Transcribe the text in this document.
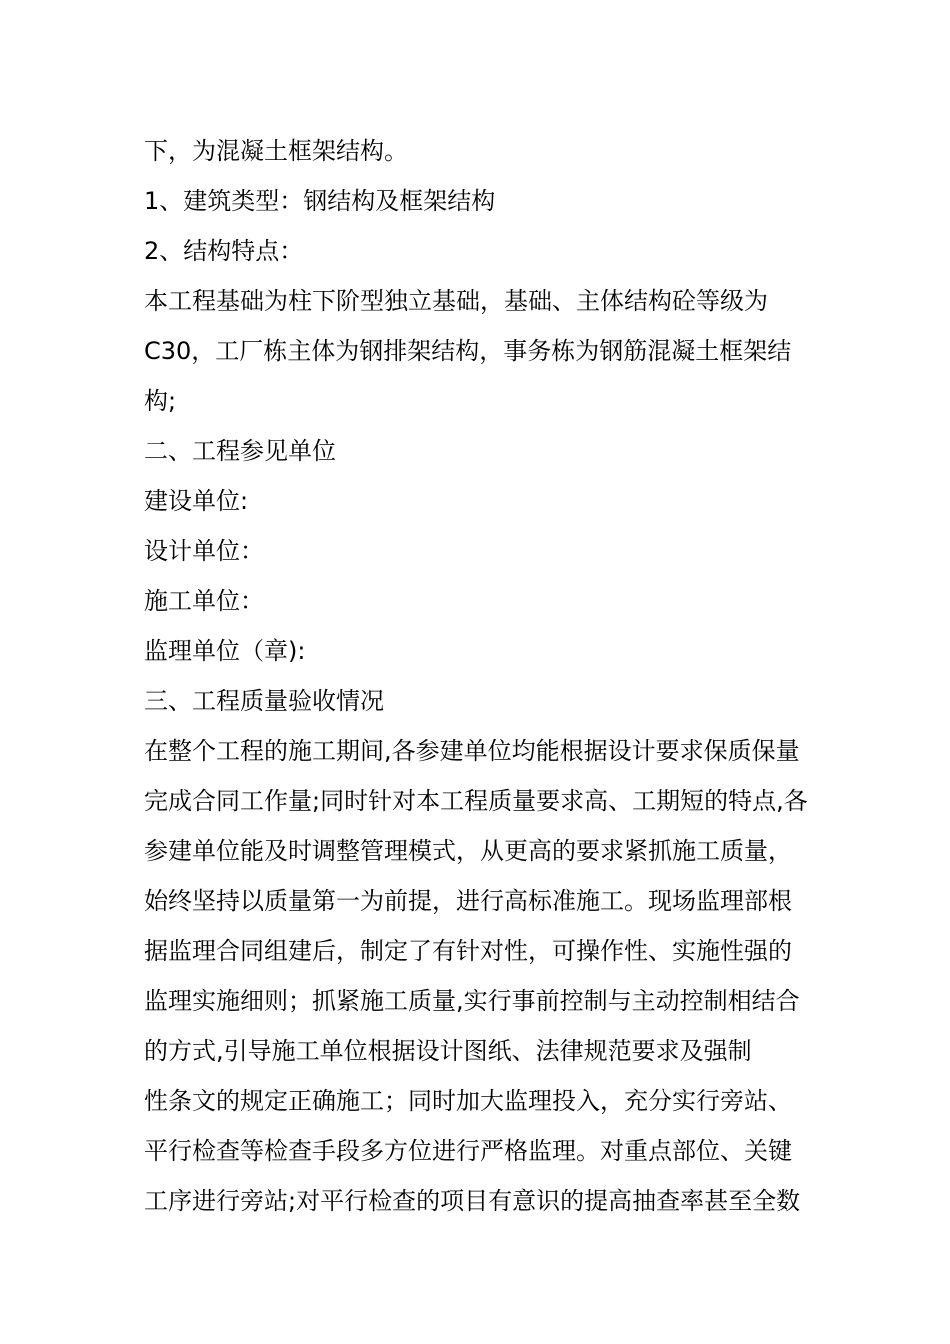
下，为混凝土框架结构。
1、建筑类型：钢结构及框架结构
2、结构特点：
本工程基础为柱下阶型独立基础，基础、主体结构砼等级为
C30，工厂栋主体为钢排架结构，事务栋为钢筋混凝土框架结
构;
二、工程参见单位
建设单位:
设计单位：
施工单位：
监理单位（章):
三、工程质量验收情况
在整个工程的施工期间,各参建单位均能根据设计要求保质保量
完成合同工作量;同时针对本工程质量要求高、工期短的特点,各
参建单位能及时调整管理模式，从更高的要求紧抓施工质量，
始终坚持以质量第一为前提，进行高标准施工。现场监理部根
据监理合同组建后，制定了有针对性，可操作性、实施性强的
监理实施细则；抓紧施工质量,实行事前控制与主动控制相结合
的方式,引导施工单位根据设计图纸、法律规范要求及强制
性条文的规定正确施工；同时加大监理投入，充分实行旁站、
平行检查等检查手段多方位进行严格监理。对重点部位、关键
工序进行旁站;对平行检查的项目有意识的提高抽查率甚至全数
